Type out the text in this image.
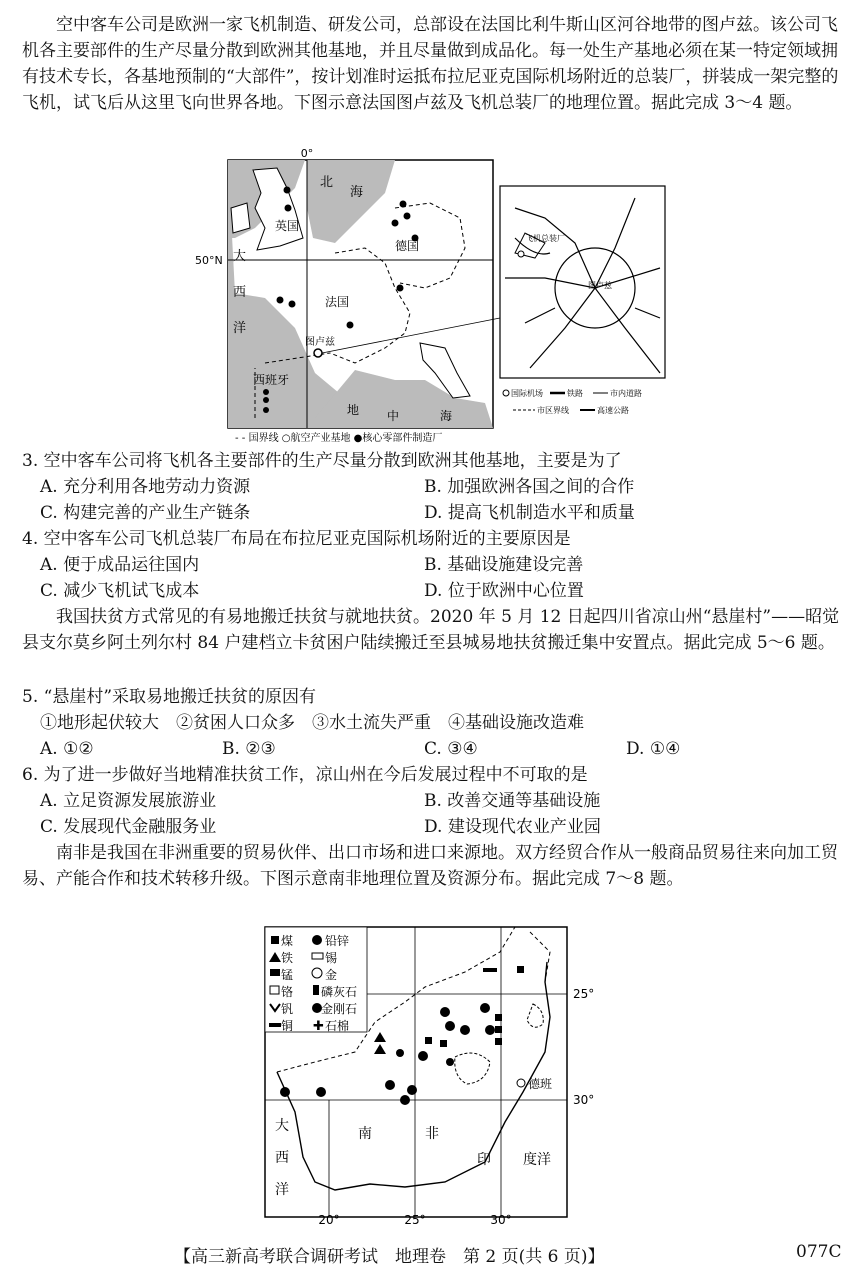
空中客车公司是欧洲一家飞机制造、研发公司，总部设在法国比利牛斯山区河谷地带的图卢兹。该公司飞机各主要部件的生产尽量分散到欧洲其他基地，并且尽量做到成品化。每一处生产基地必须在某一特定领域拥有技术专长，各基地预制的“大部件”，按计划准时运抵布拉尼亚克国际机场附近的总装厂，拼装成一架完整的飞机，试飞后从这里飞向世界各地。下图示意法国图卢兹及飞机总装厂的地理位置。据此完成 3～4 题。

0°
50°N
北
海
英国
德国
法国
图卢兹
西班牙
大
西
洋
地 中	海
- - 国界线 ○航空产业基地 ●核心零部件制造厂
飞机总装厂
图卢兹
国际机场	铁路	市内道路
市区界线	高速公路
3. 空中客车公司将飞机各主要部件的生产尽量分散到欧洲其他基地，主要是为了
A. 充分利用各地劳动力资源	B. 加强欧洲各国之间的合作
C. 构建完善的产业生产链条	D. 提高飞机制造水平和质量
4. 空中客车公司飞机总装厂布局在布拉尼亚克国际机场附近的主要原因是
A. 便于成品运往国内	B. 基础设施建设完善
C. 减少飞机试飞成本	D. 位于欧洲中心位置

我国扶贫方式常见的有易地搬迁扶贫与就地扶贫。2020 年 5 月 12 日起四川省凉山州“悬崖村”——昭觉县支尔莫乡阿土列尔村 84 户建档立卡贫困户陆续搬迁至县城易地扶贫搬迁集中安置点。据此完成 5～6 题。

5. “悬崖村”采取易地搬迁扶贫的原因有
①地形起伏较大　②贫困人口众多　③水土流失严重　④基础设施改造难
A. ①②	B. ②③	C. ③④	D. ①④
6. 为了进一步做好当地精准扶贫工作，凉山州在今后发展过程中不可取的是
A. 立足资源发展旅游业	B. 改善交通等基础设施
C. 发展现代金融服务业	D. 建设现代农业产业园

南非是我国在非洲重要的贸易伙伴、出口市场和进口来源地。双方经贸合作从一般商品贸易往来向加工贸易、产能合作和技术转移升级。下图示意南非地理位置及资源分布。据此完成 7～8 题。

煤	铅锌
铁	锡
锰	金
铬 磷灰石
钒 金刚石
铜 ✚ 石棉
25°
30°
德班
大
西
洋
南	非
印 度洋
20°	25°	30°
【高三新高考联合调研考试　地理卷　第 2 页(共 6 页)】	077C
